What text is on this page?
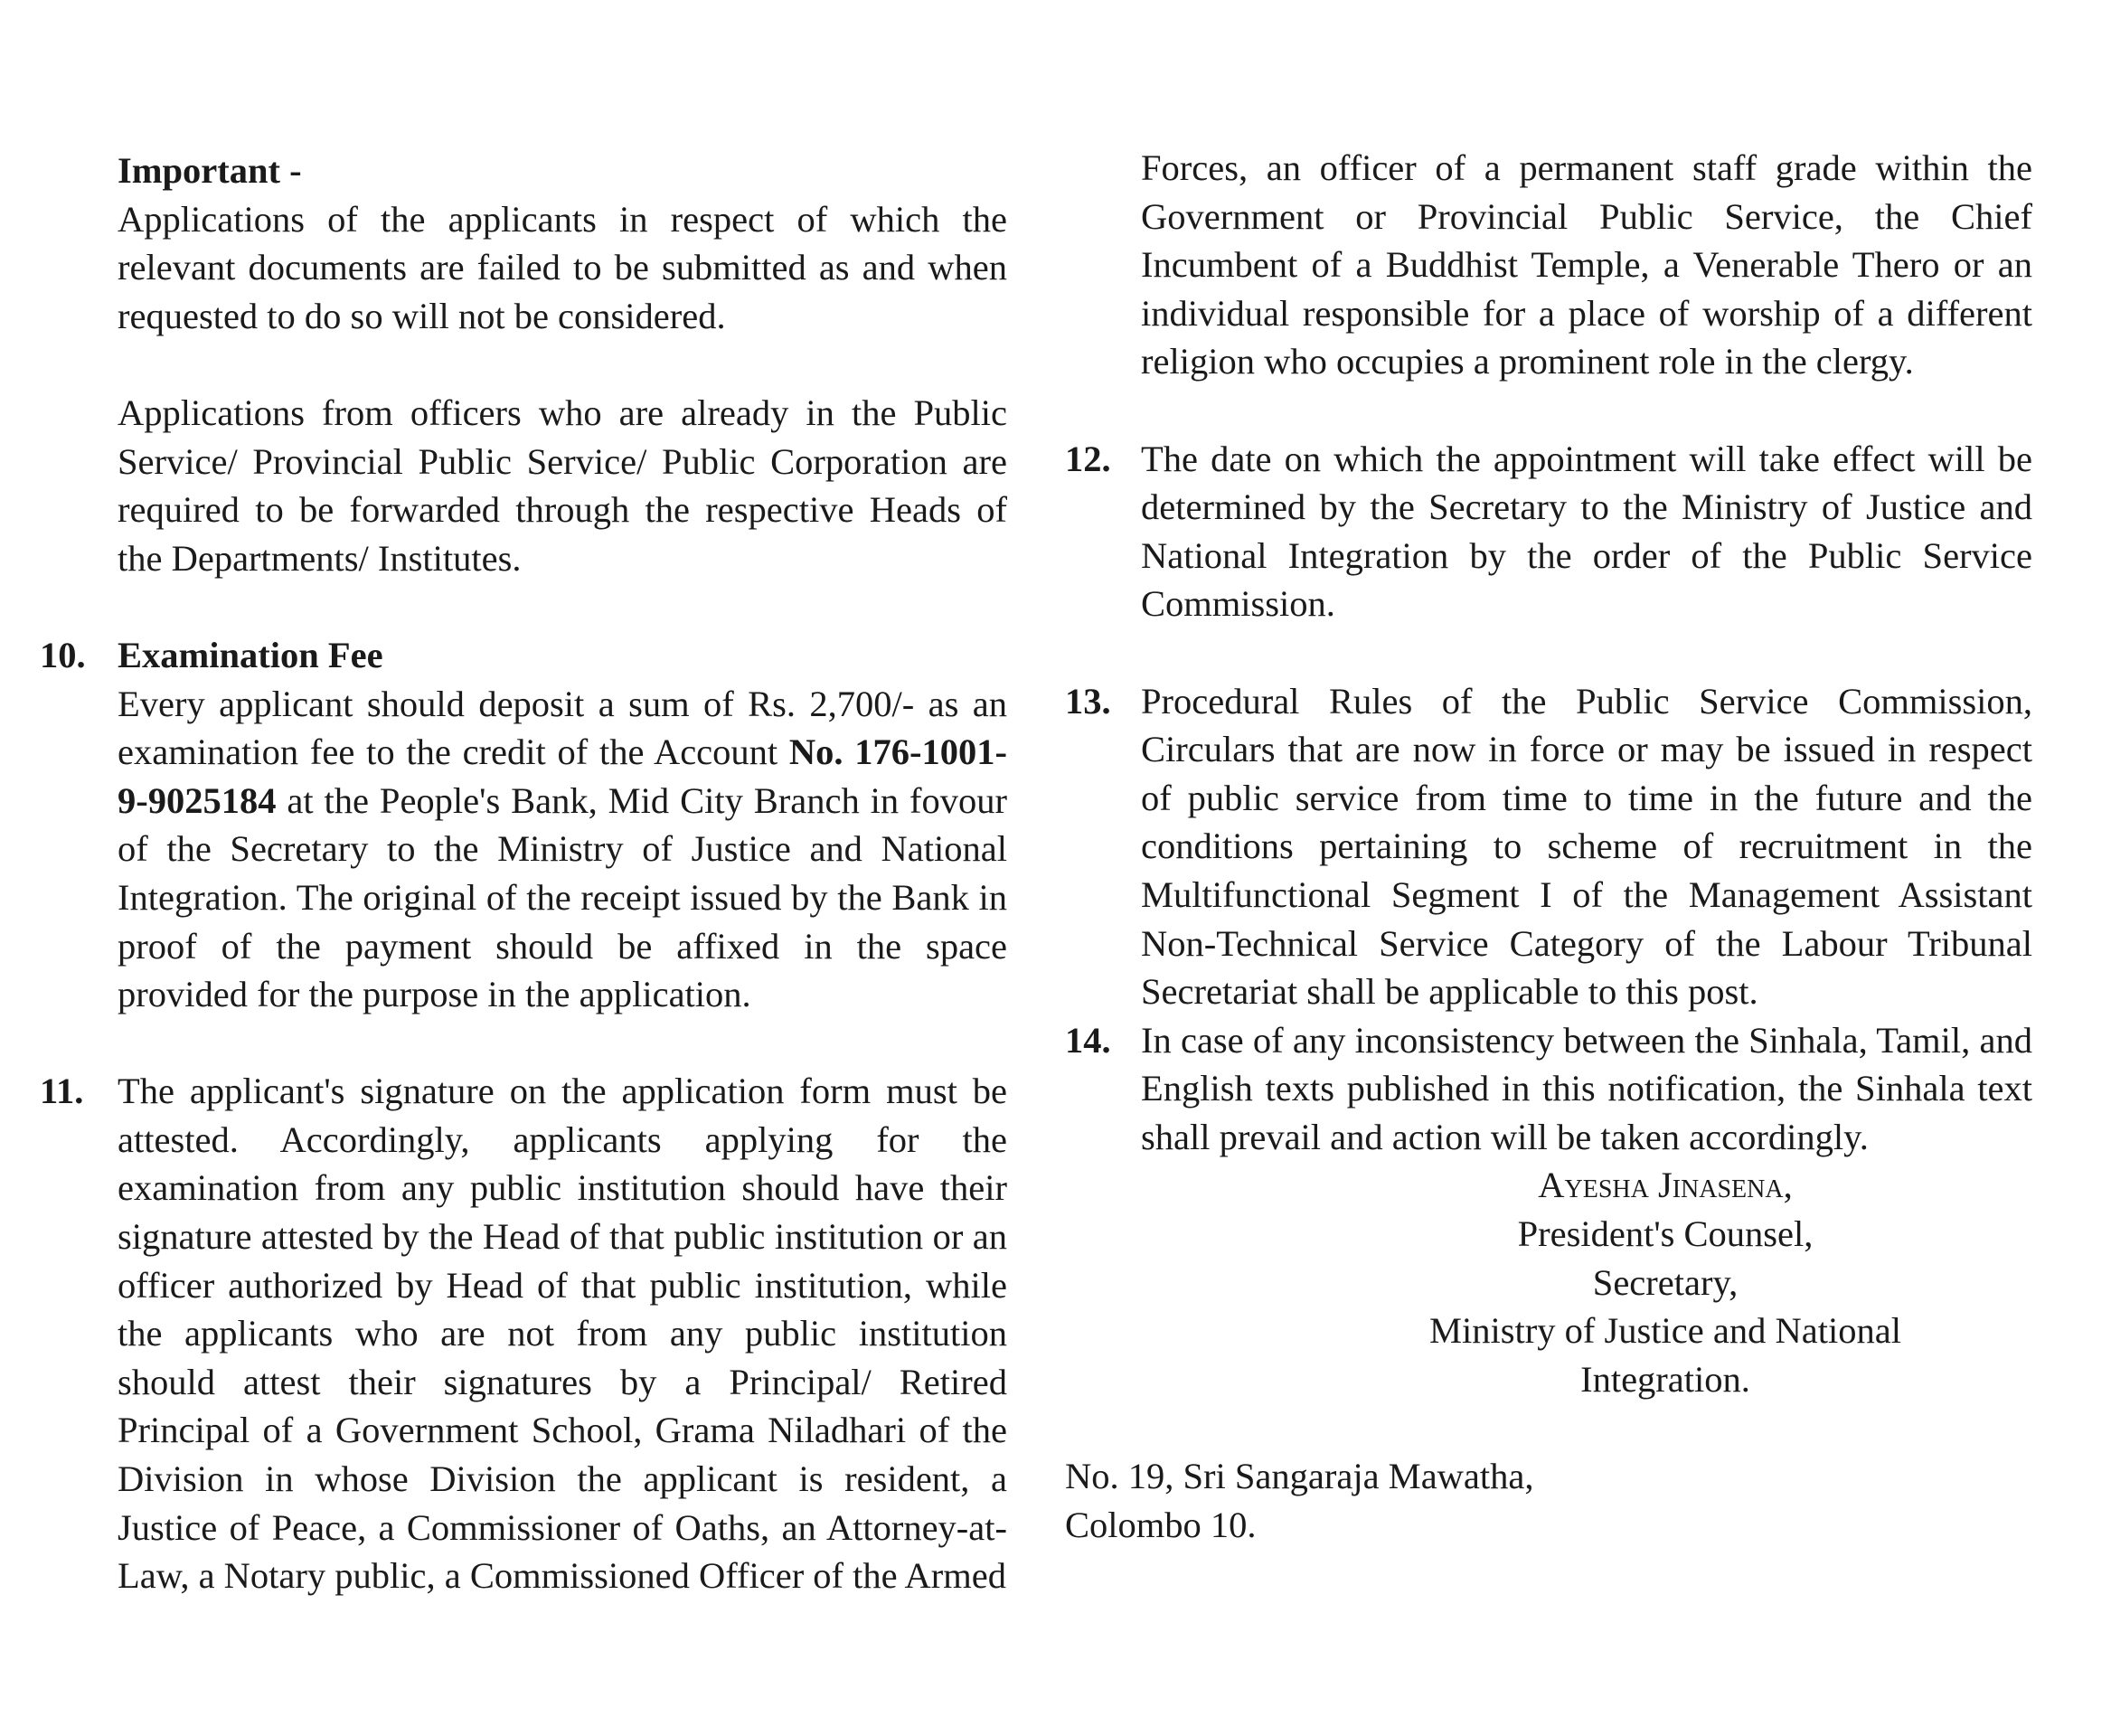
Important -

Applications of the applicants in respect of which the relevant documents are failed to be submitted as and when requested to do so will not be considered.

Applications from officers who are already in the Public Service/ Provincial Public Service/ Public Corporation are required to be forwarded through the respective Heads of the Departments/ Institutes.

10. Examination Fee

Every applicant should deposit a sum of Rs. 2,700/- as an examination fee to the credit of the Account No. 176-1001-9-9025184 at the People's Bank, Mid City Branch in fovour of the Secretary to the Ministry of Justice and National Integration. The original of the receipt issued by the Bank in proof of the payment should be affixed in the space provided for the purpose in the application.

11. The applicant's signature on the application form must be attested. Accordingly, applicants applying for the examination from any public institution should have their signature attested by the Head of that public institution or an officer authorized by Head of that public institution, while the applicants who are not from any public institution should attest their signatures by a Principal/ Retired Principal of a Government School, Grama Niladhari of the Division in whose Division the applicant is resident, a Justice of Peace, a Commissioner of Oaths, an Attorney-at-Law, a Notary public, a Commissioned Officer of the Armed

Forces, an officer of a permanent staff grade within the Government or Provincial Public Service, the Chief Incumbent of a Buddhist Temple, a Venerable Thero or an individual responsible for a place of worship of a different religion who occupies a prominent role in the clergy.

12. The date on which the appointment will take effect will be determined by the Secretary to the Ministry of Justice and National Integration by the order of the Public Service Commission.

13. Procedural Rules of the Public Service Commission, Circulars that are now in force or may be issued in respect of public service from time to time in the future and the conditions pertaining to scheme of recruitment in the Multifunctional Segment I of the Management Assistant Non-Technical Service Category of the Labour Tribunal Secretariat shall be applicable to this post.

14. In case of any inconsistency between the Sinhala, Tamil, and English texts published in this notification, the Sinhala text shall prevail and action will be taken accordingly.

Ayesha Jinasena,
President's Counsel,
Secretary,
Ministry of Justice and National
Integration.

No. 19, Sri Sangaraja Mawatha,

Colombo 10.
